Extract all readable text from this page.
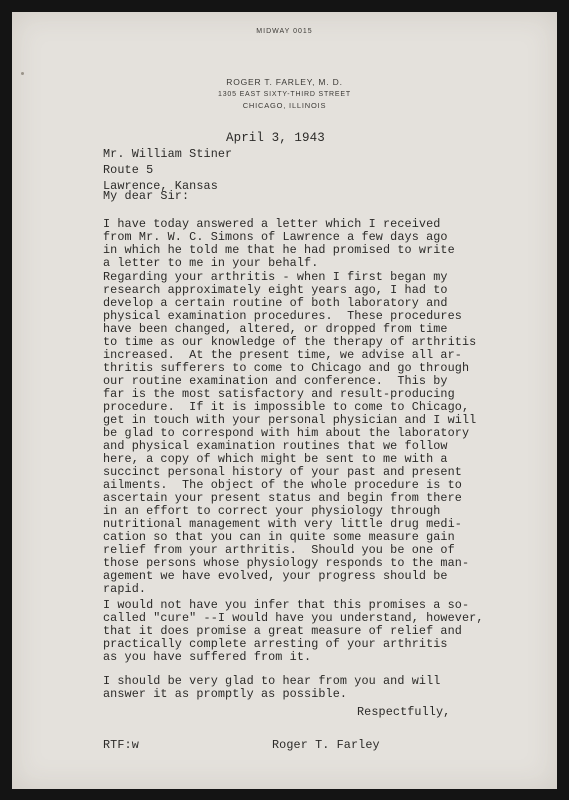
MIDWAY 0015
ROGER T. FARLEY, M. D.
1305 EAST SIXTY-THIRD STREET
CHICAGO, ILLINOIS
April 3, 1943
Mr. William Stiner
Route 5
Lawrence, Kansas
My dear Sir:
I have today answered a letter which I received
from Mr. W. C. Simons of Lawrence a few days ago
in which he told me that he had promised to write
a letter to me in your behalf.
Regarding your arthritis - when I first began my
research approximately eight years ago, I had to
develop a certain routine of both laboratory and
physical examination procedures.  These procedures
have been changed, altered, or dropped from time
to time as our knowledge of the therapy of arthritis
increased.  At the present time, we advise all ar-
thritis sufferers to come to Chicago and go through
our routine examination and conference.  This by
far is the most satisfactory and result-producing
procedure.  If it is impossible to come to Chicago,
get in touch with your personal physician and I will
be glad to correspond with him about the laboratory
and physical examination routines that we follow
here, a copy of which might be sent to me with a
succinct personal history of your past and present
ailments.  The object of the whole procedure is to
ascertain your present status and begin from there
in an effort to correct your physiology through
nutritional management with very little drug medi-
cation so that you can in quite some measure gain
relief from your arthritis.  Should you be one of
those persons whose physiology responds to the man-
agement we have evolved, your progress should be
rapid.
I would not have you infer that this promises a so-
called "cure" --I would have you understand, however,
that it does promise a great measure of relief and
practically complete arresting of your arthritis
as you have suffered from it.
I should be very glad to hear from you and will
answer it as promptly as possible.
Respectfully,
RTF:w	Roger T. Farley
